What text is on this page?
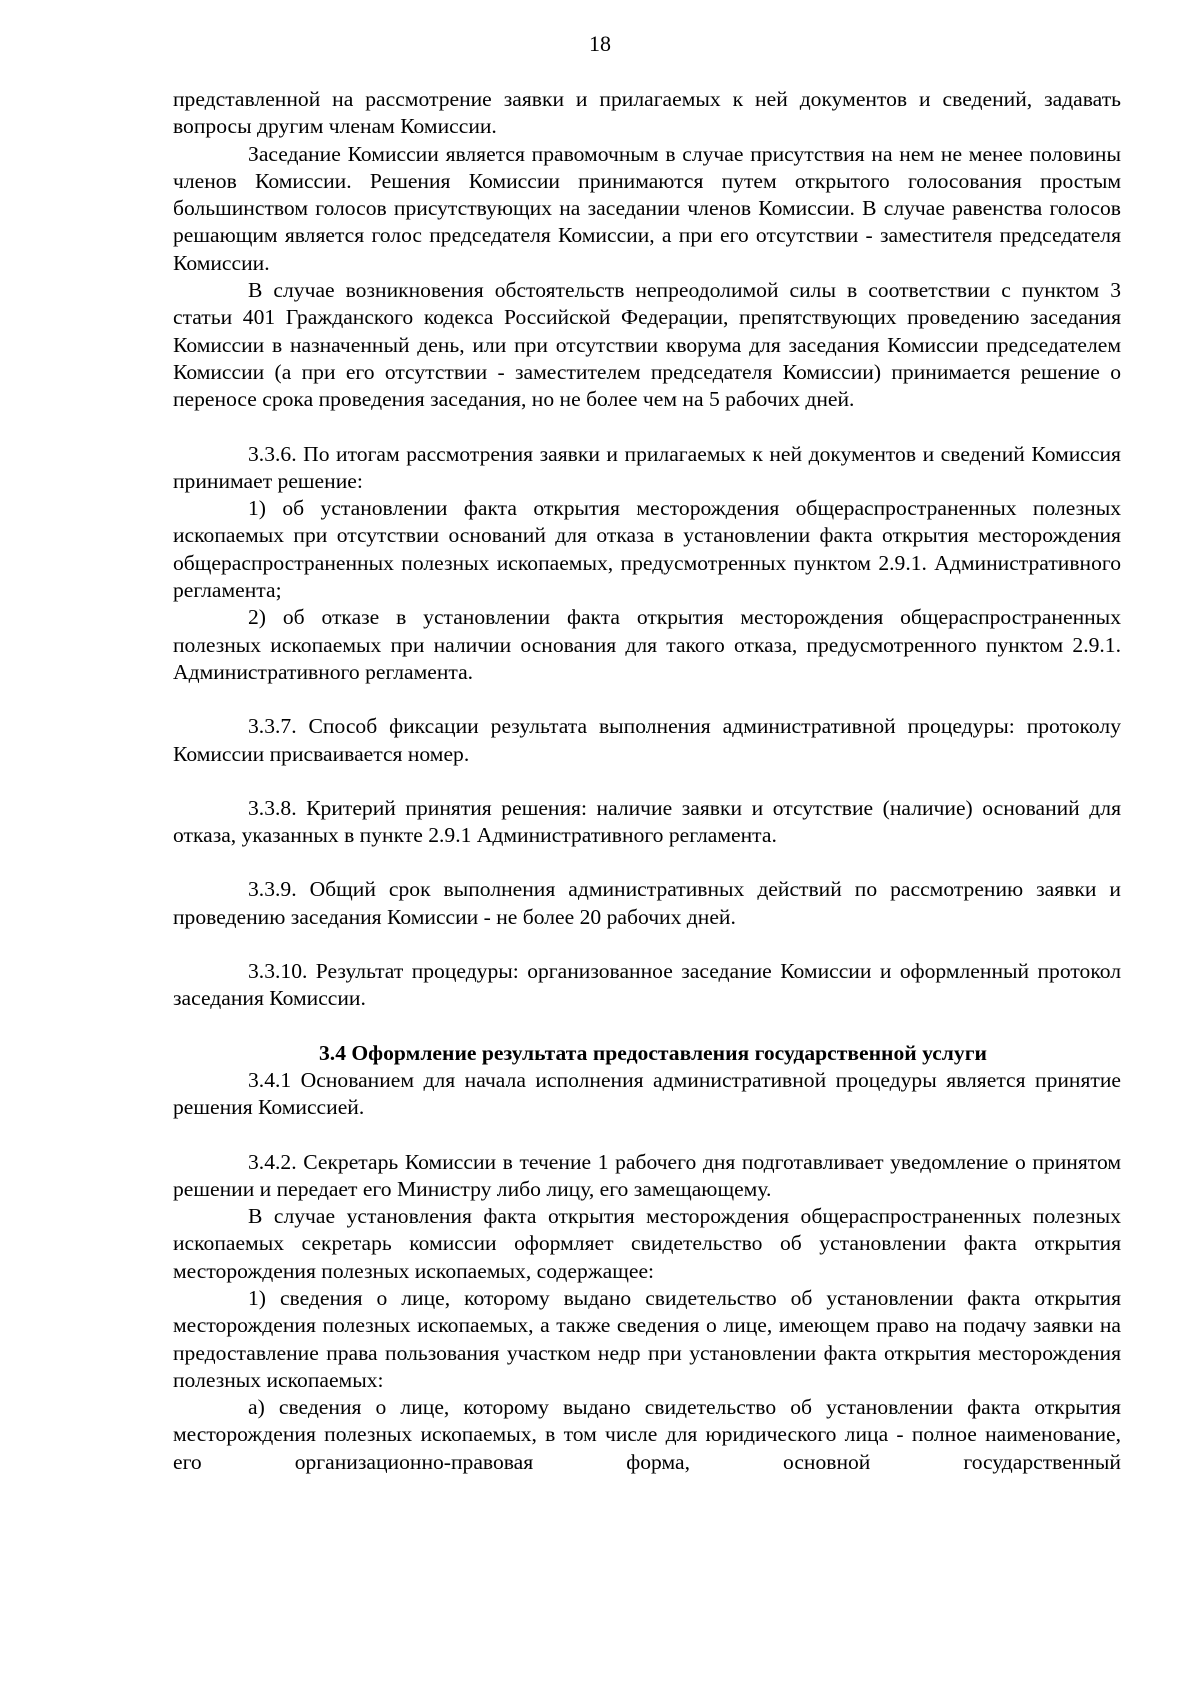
18

представленной на рассмотрение заявки и прилагаемых к ней документов и сведений, задавать вопросы другим членам Комиссии.

Заседание Комиссии является правомочным в случае присутствия на нем не менее половины членов Комиссии. Решения Комиссии принимаются путем открытого голосования простым большинством голосов присутствующих на заседании членов Комиссии. В случае равенства голосов решающим является голос председателя Комиссии, а при его отсутствии - заместителя председателя Комиссии.

В случае возникновения обстоятельств непреодолимой силы в соответствии с пунктом 3 статьи 401 Гражданского кодекса Российской Федерации, препятствующих проведению заседания Комиссии в назначенный день, или при отсутствии кворума для заседания Комиссии председателем Комиссии (а при его отсутствии - заместителем председателя Комиссии) принимается решение о переносе срока проведения заседания, но не более чем на 5 рабочих дней.

3.3.6. По итогам рассмотрения заявки и прилагаемых к ней документов и сведений Комиссия принимает решение:

1) об установлении факта открытия месторождения общераспространенных полезных ископаемых при отсутствии оснований для отказа в установлении факта открытия месторождения общераспространенных полезных ископаемых, предусмотренных пунктом 2.9.1. Административного регламента;

2) об отказе в установлении факта открытия месторождения общераспространенных полезных ископаемых при наличии основания для такого отказа, предусмотренного пунктом 2.9.1. Административного регламента.

3.3.7. Способ фиксации результата выполнения административной процедуры: протоколу Комиссии присваивается номер.

3.3.8. Критерий принятия решения: наличие заявки и отсутствие (наличие) оснований для отказа, указанных в пункте 2.9.1 Административного регламента.

3.3.9. Общий срок выполнения административных действий по рассмотрению заявки и проведению заседания Комиссии - не более 20 рабочих дней.

3.3.10. Результат процедуры: организованное заседание Комиссии и оформленный протокол заседания Комиссии.

3.4 Оформление результата предоставления государственной услуги

3.4.1 Основанием для начала исполнения административной процедуры является принятие решения Комиссией.

3.4.2. Секретарь Комиссии в течение 1 рабочего дня подготавливает уведомление о принятом решении и передает его Министру либо лицу, его замещающему.

В случае установления факта открытия месторождения общераспространенных полезных ископаемых секретарь комиссии оформляет свидетельство об установлении факта открытия месторождения полезных ископаемых, содержащее:

1) сведения о лице, которому выдано свидетельство об установлении факта открытия месторождения полезных ископаемых, а также сведения о лице, имеющем право на подачу заявки на предоставление права пользования участком недр при установлении факта открытия месторождения полезных ископаемых:

а) сведения о лице, которому выдано свидетельство об установлении факта открытия месторождения полезных ископаемых, в том числе для юридического лица - полное наименование, его организационно-правовая форма, основной государственный
